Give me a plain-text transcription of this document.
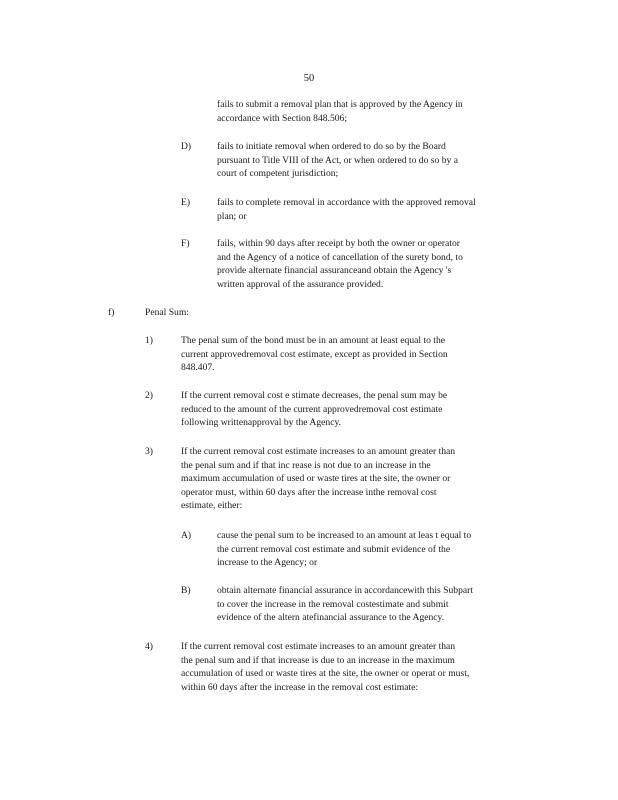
50
fails to submit a removal plan that is approved by the Agency in
accordance with Section 848.506;
D)	fails to initiate removal when ordered to do so by the Board
pursuant to Title VIII of the Act, or when ordered to do so by a
court of competent jurisdiction;
E)	fails to complete removal in accordance with the approved removal
plan; or
F)	fails, within 90 days after receipt by both the owner or operator
and the Agency of a notice of cancellation of the surety bond, to
provide alternate financial assuranceand obtain the Agency 's
written approval of the assurance provided.
f)	Penal Sum:
1)	The penal sum of the bond must be in an amount at least equal to the
current approvedremoval cost estimate, except as provided in Section
848.407.
2)	If the current removal cost e stimate decreases, the penal sum may be
reduced to the amount of the current approvedremoval cost estimate
following writtenapproval by the Agency.
3)	If the current removal cost estimate increases to an amount greater than
the penal sum and if that inc rease is not due to an increase in the
maximum accumulation of used or waste tires at the site, the owner or
operator must, within 60 days after the increase inthe removal cost
estimate, either:
A)	cause the penal sum to be increased to an amount at leas t equal to
the current removal cost estimate and submit evidence of the
increase to the Agency; or
B)	obtain alternate financial assurance in accordancewith this Subpart
to cover the increase in the removal costestimate and submit
evidence of the altern atefinancial assurance to the Agency.
4)	If the current removal cost estimate increases to an amount greater than
the penal sum and if that increase is due to an increase in the maximum
accumulation of used or waste tires at the site, the owner or operat or must,
within 60 days after the increase in the removal cost estimate:
